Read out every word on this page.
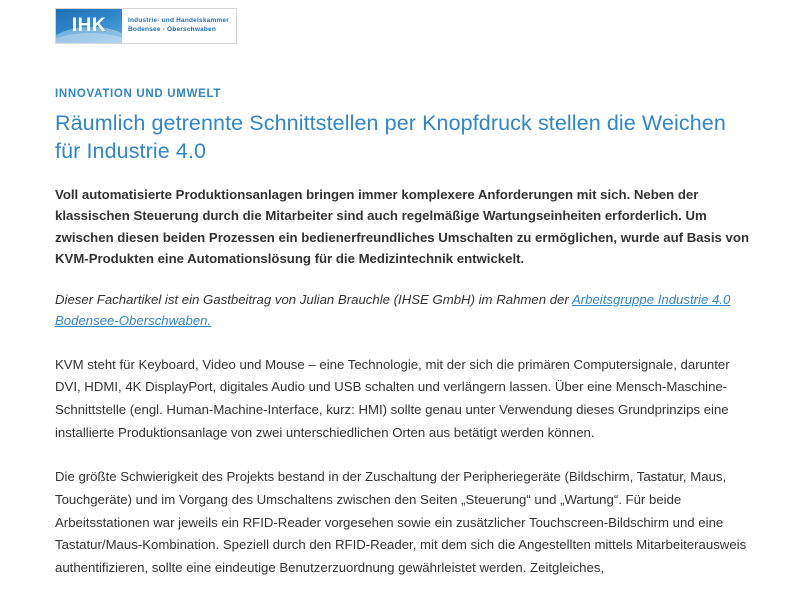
IHK	Industrie- und Handelskammer
Bodensee - Oberschwaben
INNOVATION UND UMWELT
Räumlich getrennte Schnittstellen per Knopfdruck stellen die Weichen für Industrie 4.0

Voll automatisierte Produktionsanlagen bringen immer komplexere Anforderungen mit sich. Neben der klassischen Steuerung durch die Mitarbeiter sind auch regelmäßige Wartungseinheiten erforderlich. Um zwischen diesen beiden Prozessen ein bedienerfreundliches Umschalten zu ermöglichen, wurde auf Basis von KVM-Produkten eine Automationslösung für die Medizintechnik entwickelt.

Dieser Fachartikel ist ein Gastbeitrag von Julian Brauchle (IHSE GmbH) im Rahmen der Arbeitsgruppe Industrie 4.0 Bodensee-Oberschwaben.

KVM steht für Keyboard, Video und Mouse – eine Technologie, mit der sich die primären Computersignale, darunter DVI, HDMI, 4K DisplayPort, digitales Audio und USB schalten und verlängern lassen. Über eine Mensch-Maschine-Schnittstelle (engl. Human-Machine-Interface, kurz: HMI) sollte genau unter Verwendung dieses Grundprinzips eine installierte Produktionsanlage von zwei unterschiedlichen Orten aus betätigt werden können.

Die größte Schwierigkeit des Projekts bestand in der Zuschaltung der Peripheriegeräte (Bildschirm, Tastatur, Maus, Touchgeräte) und im Vorgang des Umschaltens zwischen den Seiten „Steuerung“ und „Wartung“. Für beide Arbeitsstationen war jeweils ein RFID-Reader vorgesehen sowie ein zusätzlicher Touchscreen-Bildschirm und eine Tastatur/Maus-Kombination. Speziell durch den RFID-Reader, mit dem sich die Angestellten mittels Mitarbeiterausweis authentifizieren, sollte eine eindeutige Benutzerzuordnung gewährleistet werden. Zeitgleiches,
